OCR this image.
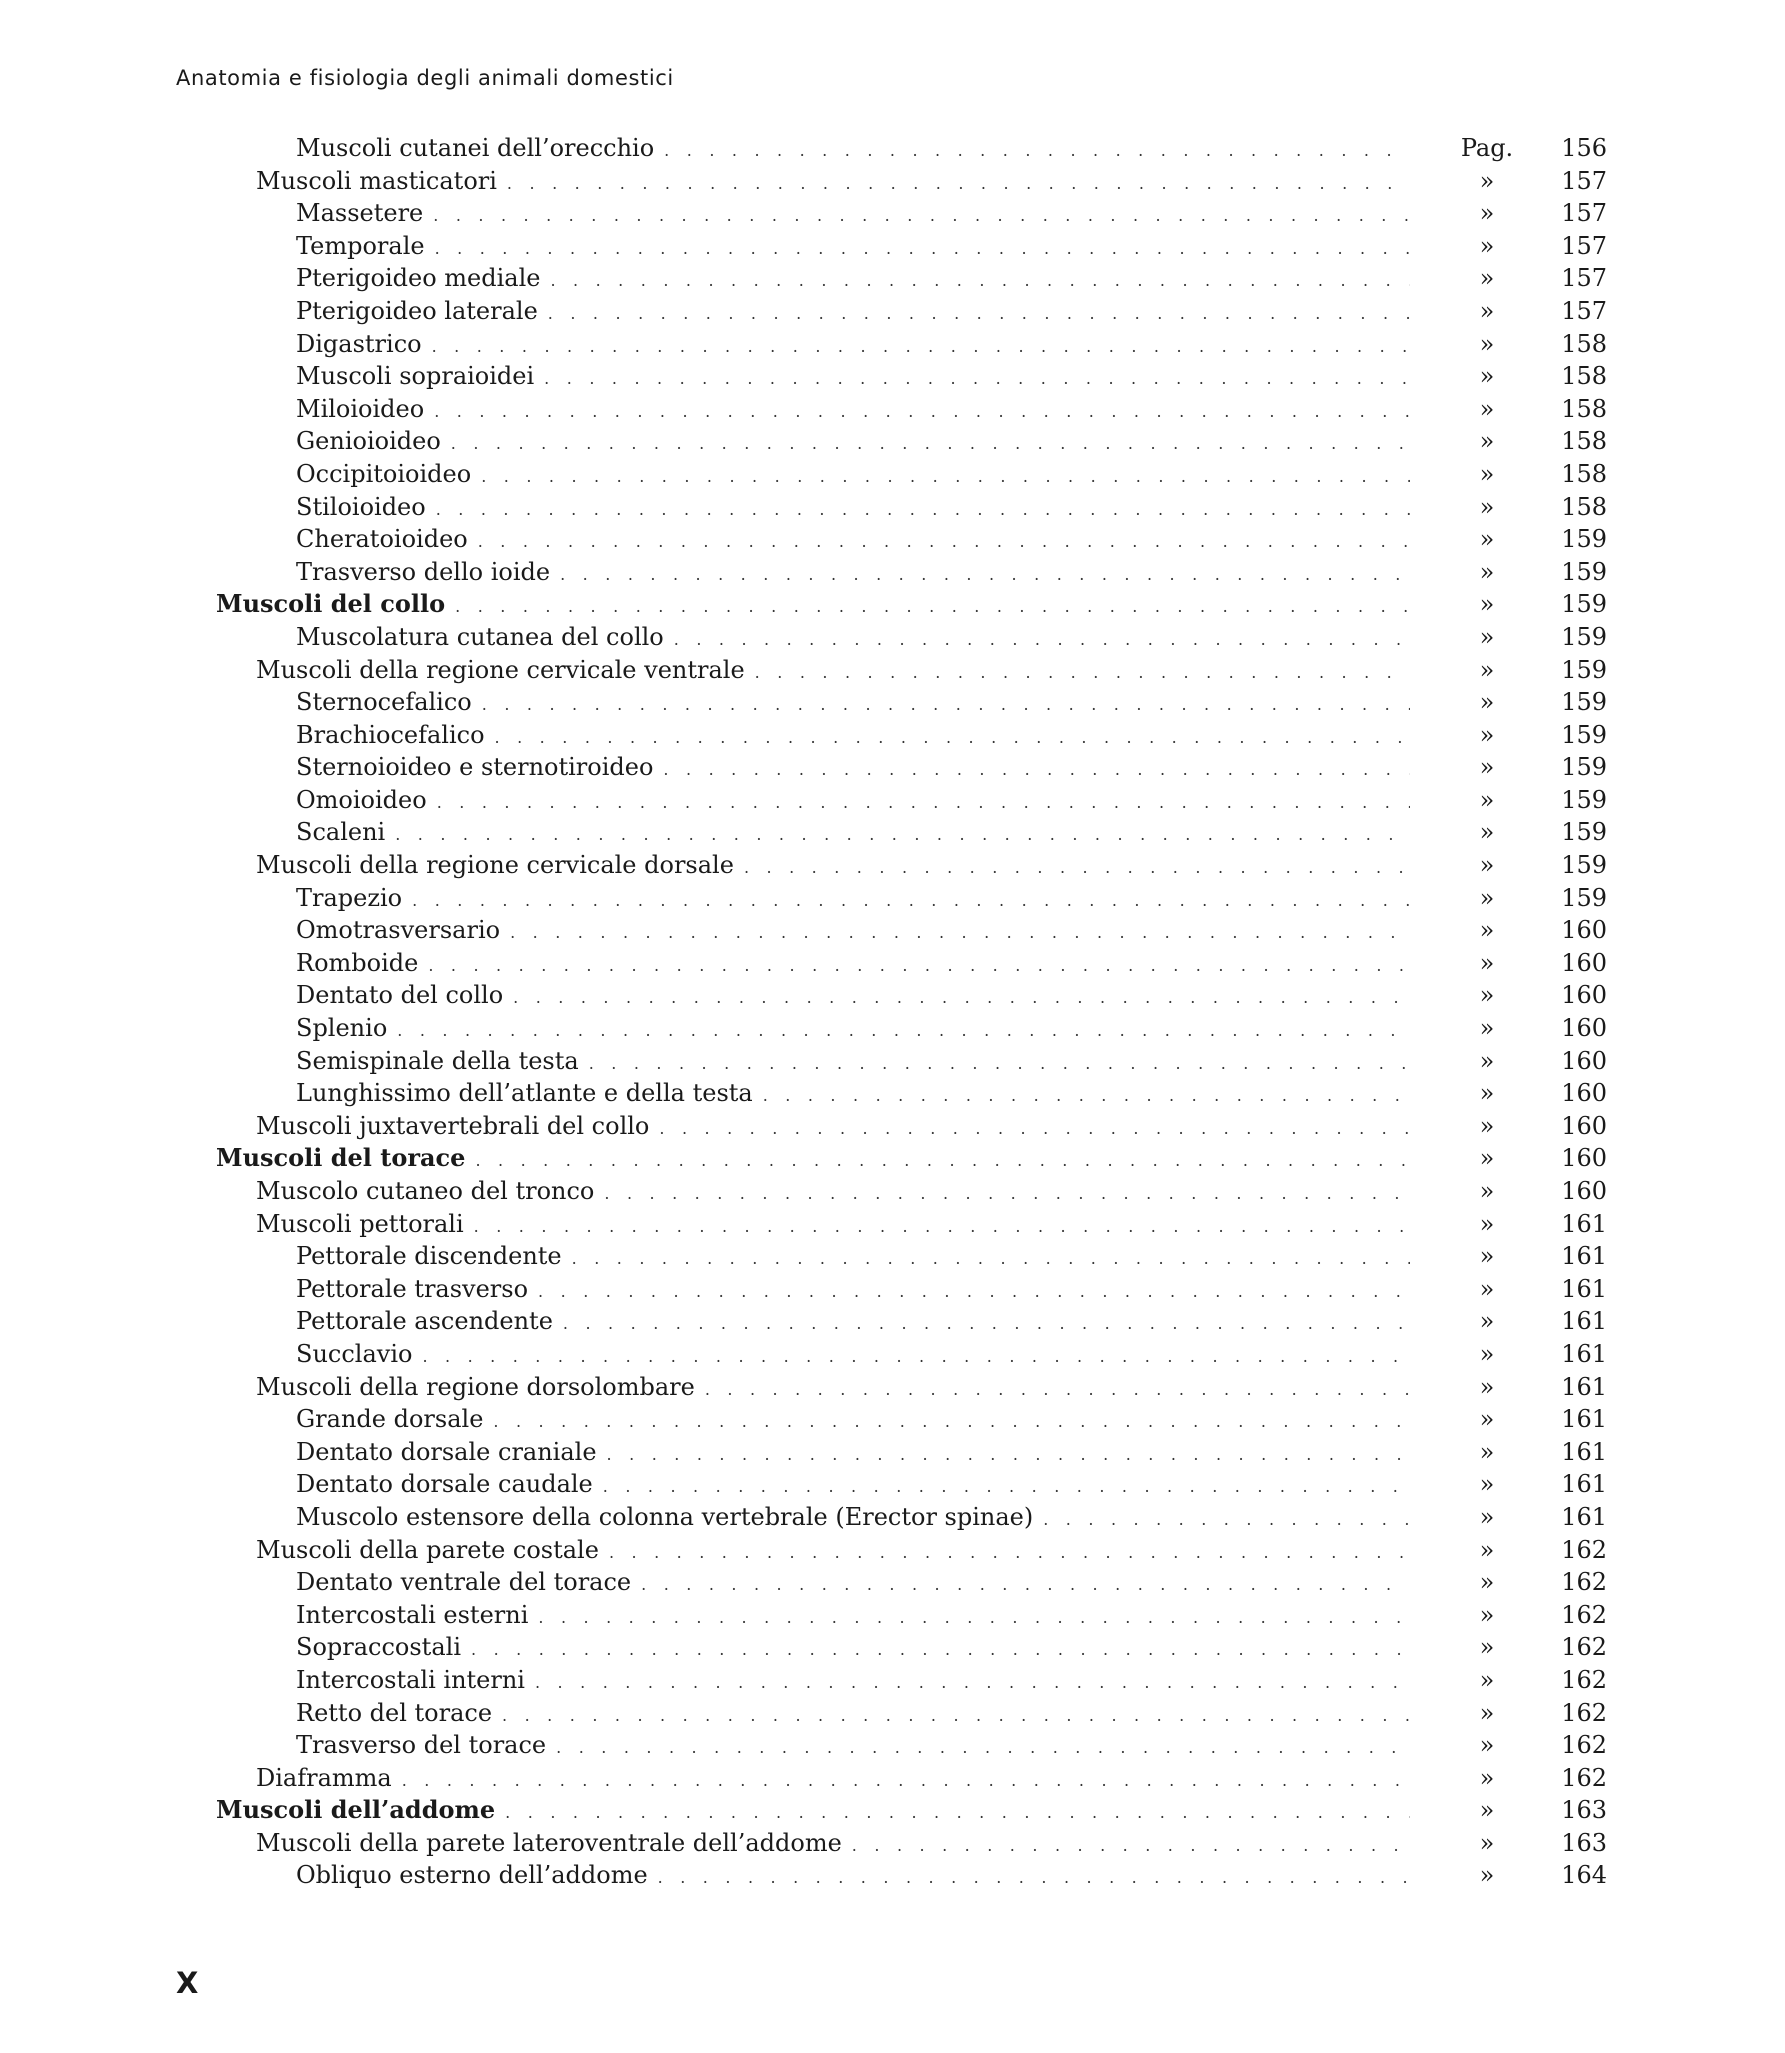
Anatomia e fisiologia degli animali domestici
Muscoli cutanei dell’orecchio . . .	Pag.	156
Muscoli masticatori . . .	»	157
Massetere . . .	»	157
Temporale . . .	»	157
Pterigoideo mediale . . .	»	157
Pterigoideo laterale . . .	»	157
Digastrico . . .	»	158
Muscoli sopraioidei . . .	»	158
Miloioideo . . .	»	158
Genioioideo . . .	»	158
Occipitoioideo . . .	»	158
Stiloioideo . . .	»	158
Cheratoioideo . . .	»	159
Trasverso dello ioide . . .	»	159
Muscoli del collo . . .	»	159
Muscolatura cutanea del collo . . .	»	159
Muscoli della regione cervicale ventrale . . .	»	159
Sternocefalico . . .	»	159
Brachiocefalico . . .	»	159
Sternoioideo e sternotiroideo . . .	»	159
Omoioideo . . .	»	159
Scaleni . . .	»	159
Muscoli della regione cervicale dorsale . . .	»	159
Trapezio . . .	»	159
Omotrasversario . . .	»	160
Romboide . . .	»	160
Dentato del collo . . .	»	160
Splenio . . .	»	160
Semispinale della testa . . .	»	160
Lunghissimo dell’atlante e della testa . . .	»	160
Muscoli juxtavertebrali del collo . . .	»	160
Muscoli del torace . . .	»	160
Muscolo cutaneo del tronco . . .	»	160
Muscoli pettorali . . .	»	161
Pettorale discendente . . .	»	161
Pettorale trasverso . . .	»	161
Pettorale ascendente . . .	»	161
Succlavio . . .	»	161
Muscoli della regione dorsolombare . . .	»	161
Grande dorsale . . .	»	161
Dentato dorsale craniale . . .	»	161
Dentato dorsale caudale . . .	»	161
Muscolo estensore della colonna vertebrale (Erector spinae) . . .	»	161
Muscoli della parete costale . . .	»	162
Dentato ventrale del torace . . .	»	162
Intercostali esterni . . .	»	162
Sopraccostali . . .	»	162
Intercostali interni . . .	»	162
Retto del torace . . .	»	162
Trasverso del torace . . .	»	162
Diaframma . . .	»	162
Muscoli dell’addome . . .	»	163
Muscoli della parete lateroventrale dell’addome . . .	»	163
Obliquo esterno dell’addome . . .	»	164
X
